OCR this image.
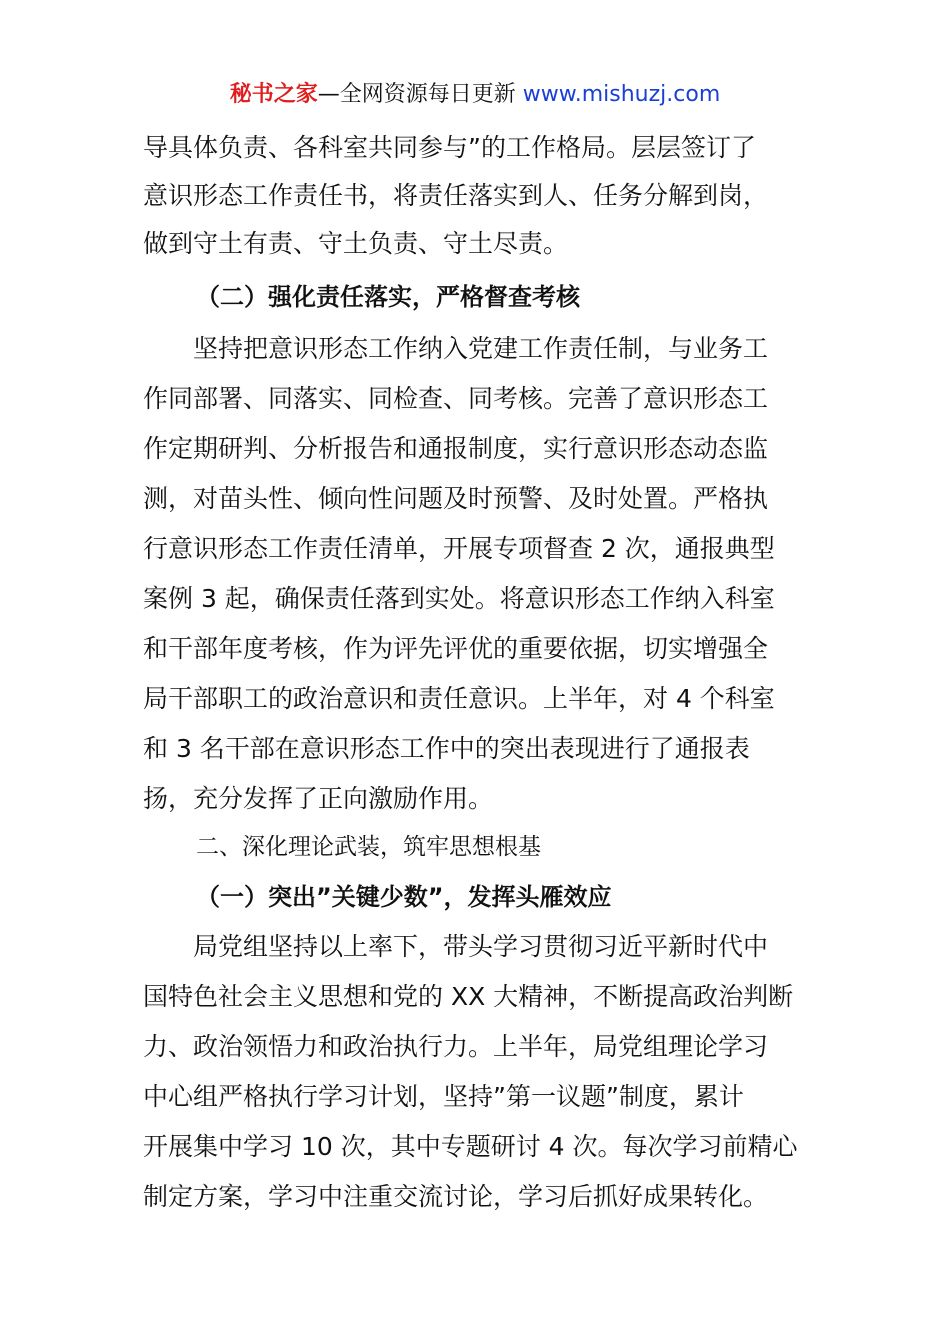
秘书之家—全网资源每日更新 www.mishuzj.com
导具体负责、各科室共同参与”的工作格局。层层签订了
意识形态工作责任书，将责任落实到人、任务分解到岗，
做到守土有责、守土负责、守土尽责。
（二）强化责任落实，严格督查考核
坚持把意识形态工作纳入党建工作责任制，与业务工
作同部署、同落实、同检查、同考核。完善了意识形态工
作定期研判、分析报告和通报制度，实行意识形态动态监
测，对苗头性、倾向性问题及时预警、及时处置。严格执
行意识形态工作责任清单，开展专项督查 2 次，通报典型
案例 3 起，确保责任落到实处。将意识形态工作纳入科室
和干部年度考核，作为评先评优的重要依据，切实增强全
局干部职工的政治意识和责任意识。上半年，对 4 个科室
和 3 名干部在意识形态工作中的突出表现进行了通报表
扬，充分发挥了正向激励作用。
二、深化理论武装，筑牢思想根基
（一）突出”关键少数”，发挥头雁效应
局党组坚持以上率下，带头学习贯彻习近平新时代中
国特色社会主义思想和党的 XX 大精神，不断提高政治判断
力、政治领悟力和政治执行力。上半年，局党组理论学习
中心组严格执行学习计划，坚持”第一议题”制度，累计
开展集中学习 10 次，其中专题研讨 4 次。每次学习前精心
制定方案，学习中注重交流讨论，学习后抓好成果转化。
